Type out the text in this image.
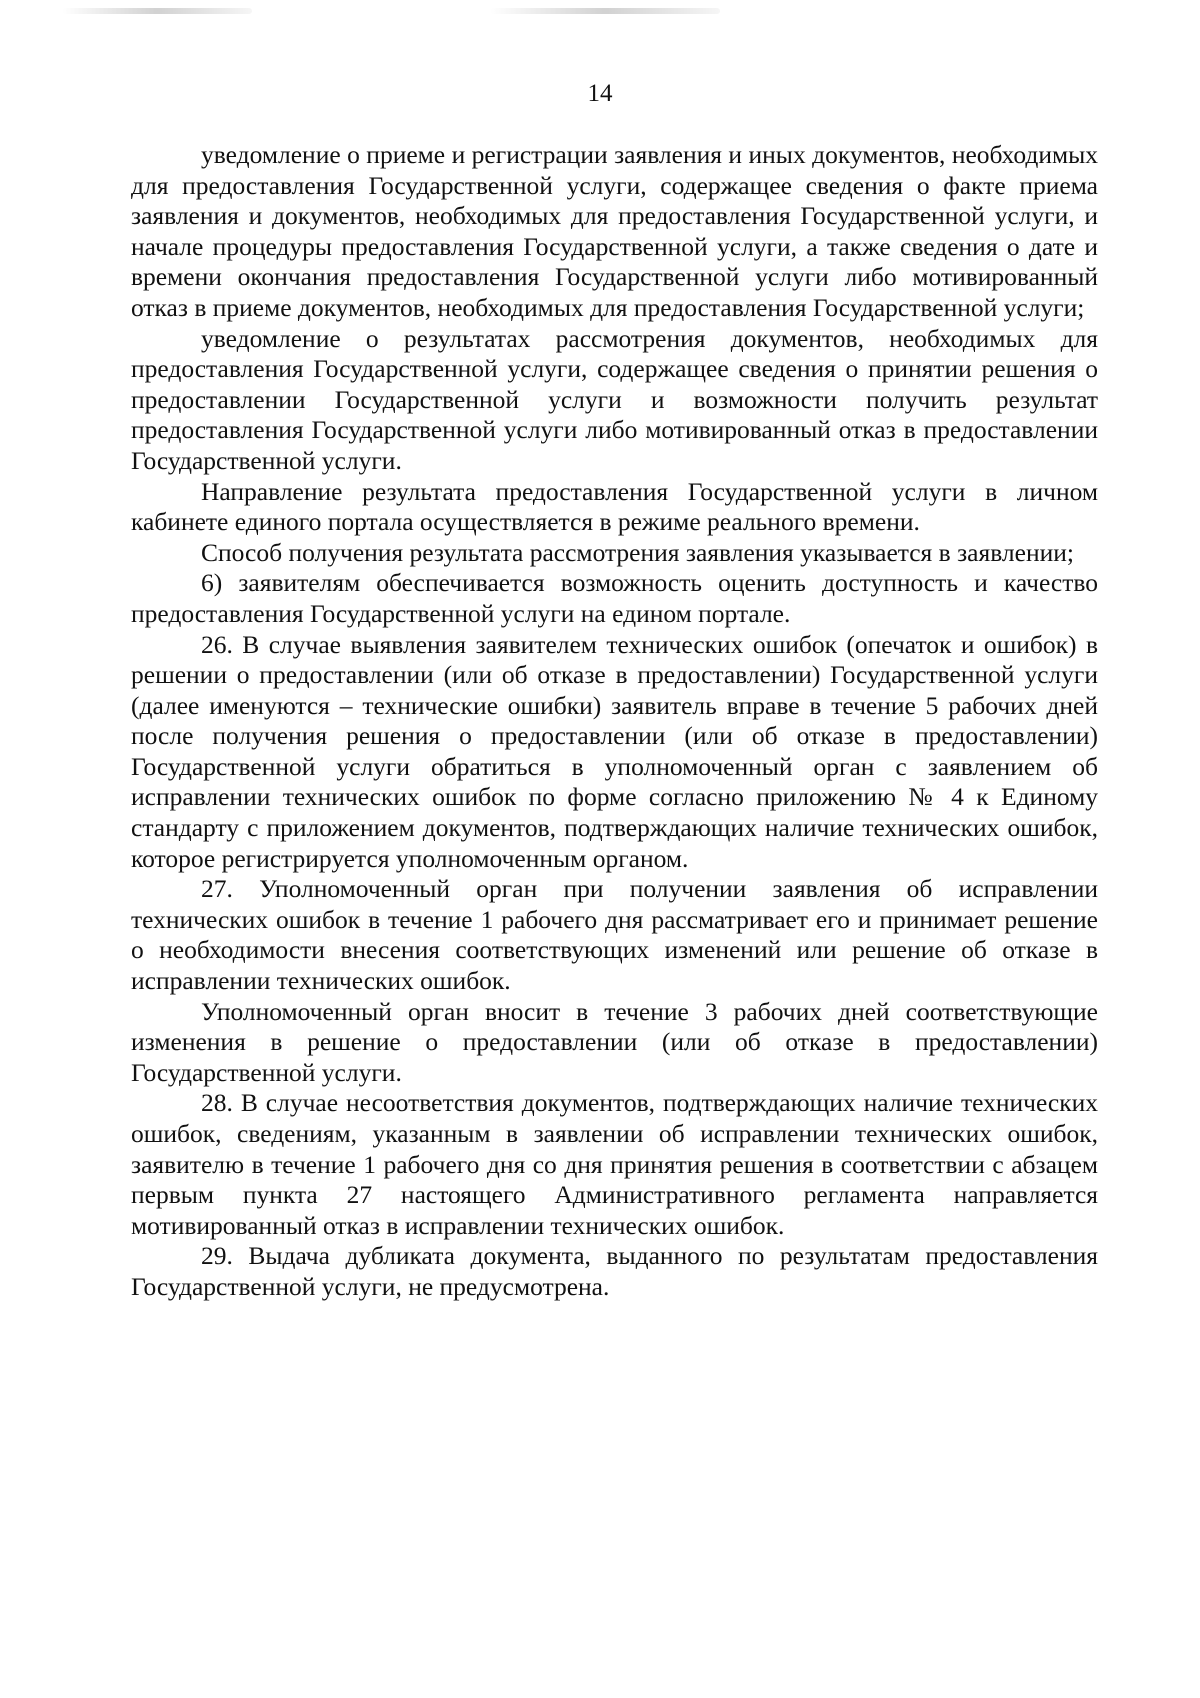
14

уведомление о приеме и регистрации заявления и иных документов, необходимых для предоставления Государственной услуги, содержащее сведения о факте приема заявления и документов, необходимых для предоставления Государственной услуги, и начале процедуры предоставления Государственной услуги, а также сведения о дате и времени окончания предоставления Государственной услуги либо мотивированный отказ в приеме документов, необходимых для предоставления Государственной услуги;

уведомление о результатах рассмотрения документов, необходимых для предоставления Государственной услуги, содержащее сведения о принятии решения о предоставлении Государственной услуги и возможности получить результат предоставления Государственной услуги либо мотивированный отказ в предоставлении Государственной услуги.

Направление результата предоставления Государственной услуги в личном кабинете единого портала осуществляется в режиме реального времени.

Способ получения результата рассмотрения заявления указывается в заявлении;

6) заявителям обеспечивается возможность оценить доступность и качество предоставления Государственной услуги на едином портале.

26. В случае выявления заявителем технических ошибок (опечаток и ошибок) в решении о предоставлении (или об отказе в предоставлении) Государственной услуги (далее именуются – технические ошибки) заявитель вправе в течение 5 рабочих дней после получения решения о предоставлении (или об отказе в предоставлении) Государственной услуги обратиться в уполномоченный орган с заявлением об исправлении технических ошибок по форме согласно приложению № 4 к Единому стандарту с приложением документов, подтверждающих наличие технических ошибок, которое регистрируется уполномоченным органом.

27. Уполномоченный орган при получении заявления об исправлении технических ошибок в течение 1 рабочего дня рассматривает его и принимает решение о необходимости внесения соответствующих изменений или решение об отказе в исправлении технических ошибок.

Уполномоченный орган вносит в течение 3 рабочих дней соответствующие изменения в решение о предоставлении (или об отказе в предоставлении) Государственной услуги.

28. В случае несоответствия документов, подтверждающих наличие технических ошибок, сведениям, указанным в заявлении об исправлении технических ошибок, заявителю в течение 1 рабочего дня со дня принятия решения в соответствии с абзацем первым пункта 27 настоящего Административного регламента направляется мотивированный отказ в исправлении технических ошибок.

29. Выдача дубликата документа, выданного по результатам предоставления Государственной услуги, не предусмотрена.
